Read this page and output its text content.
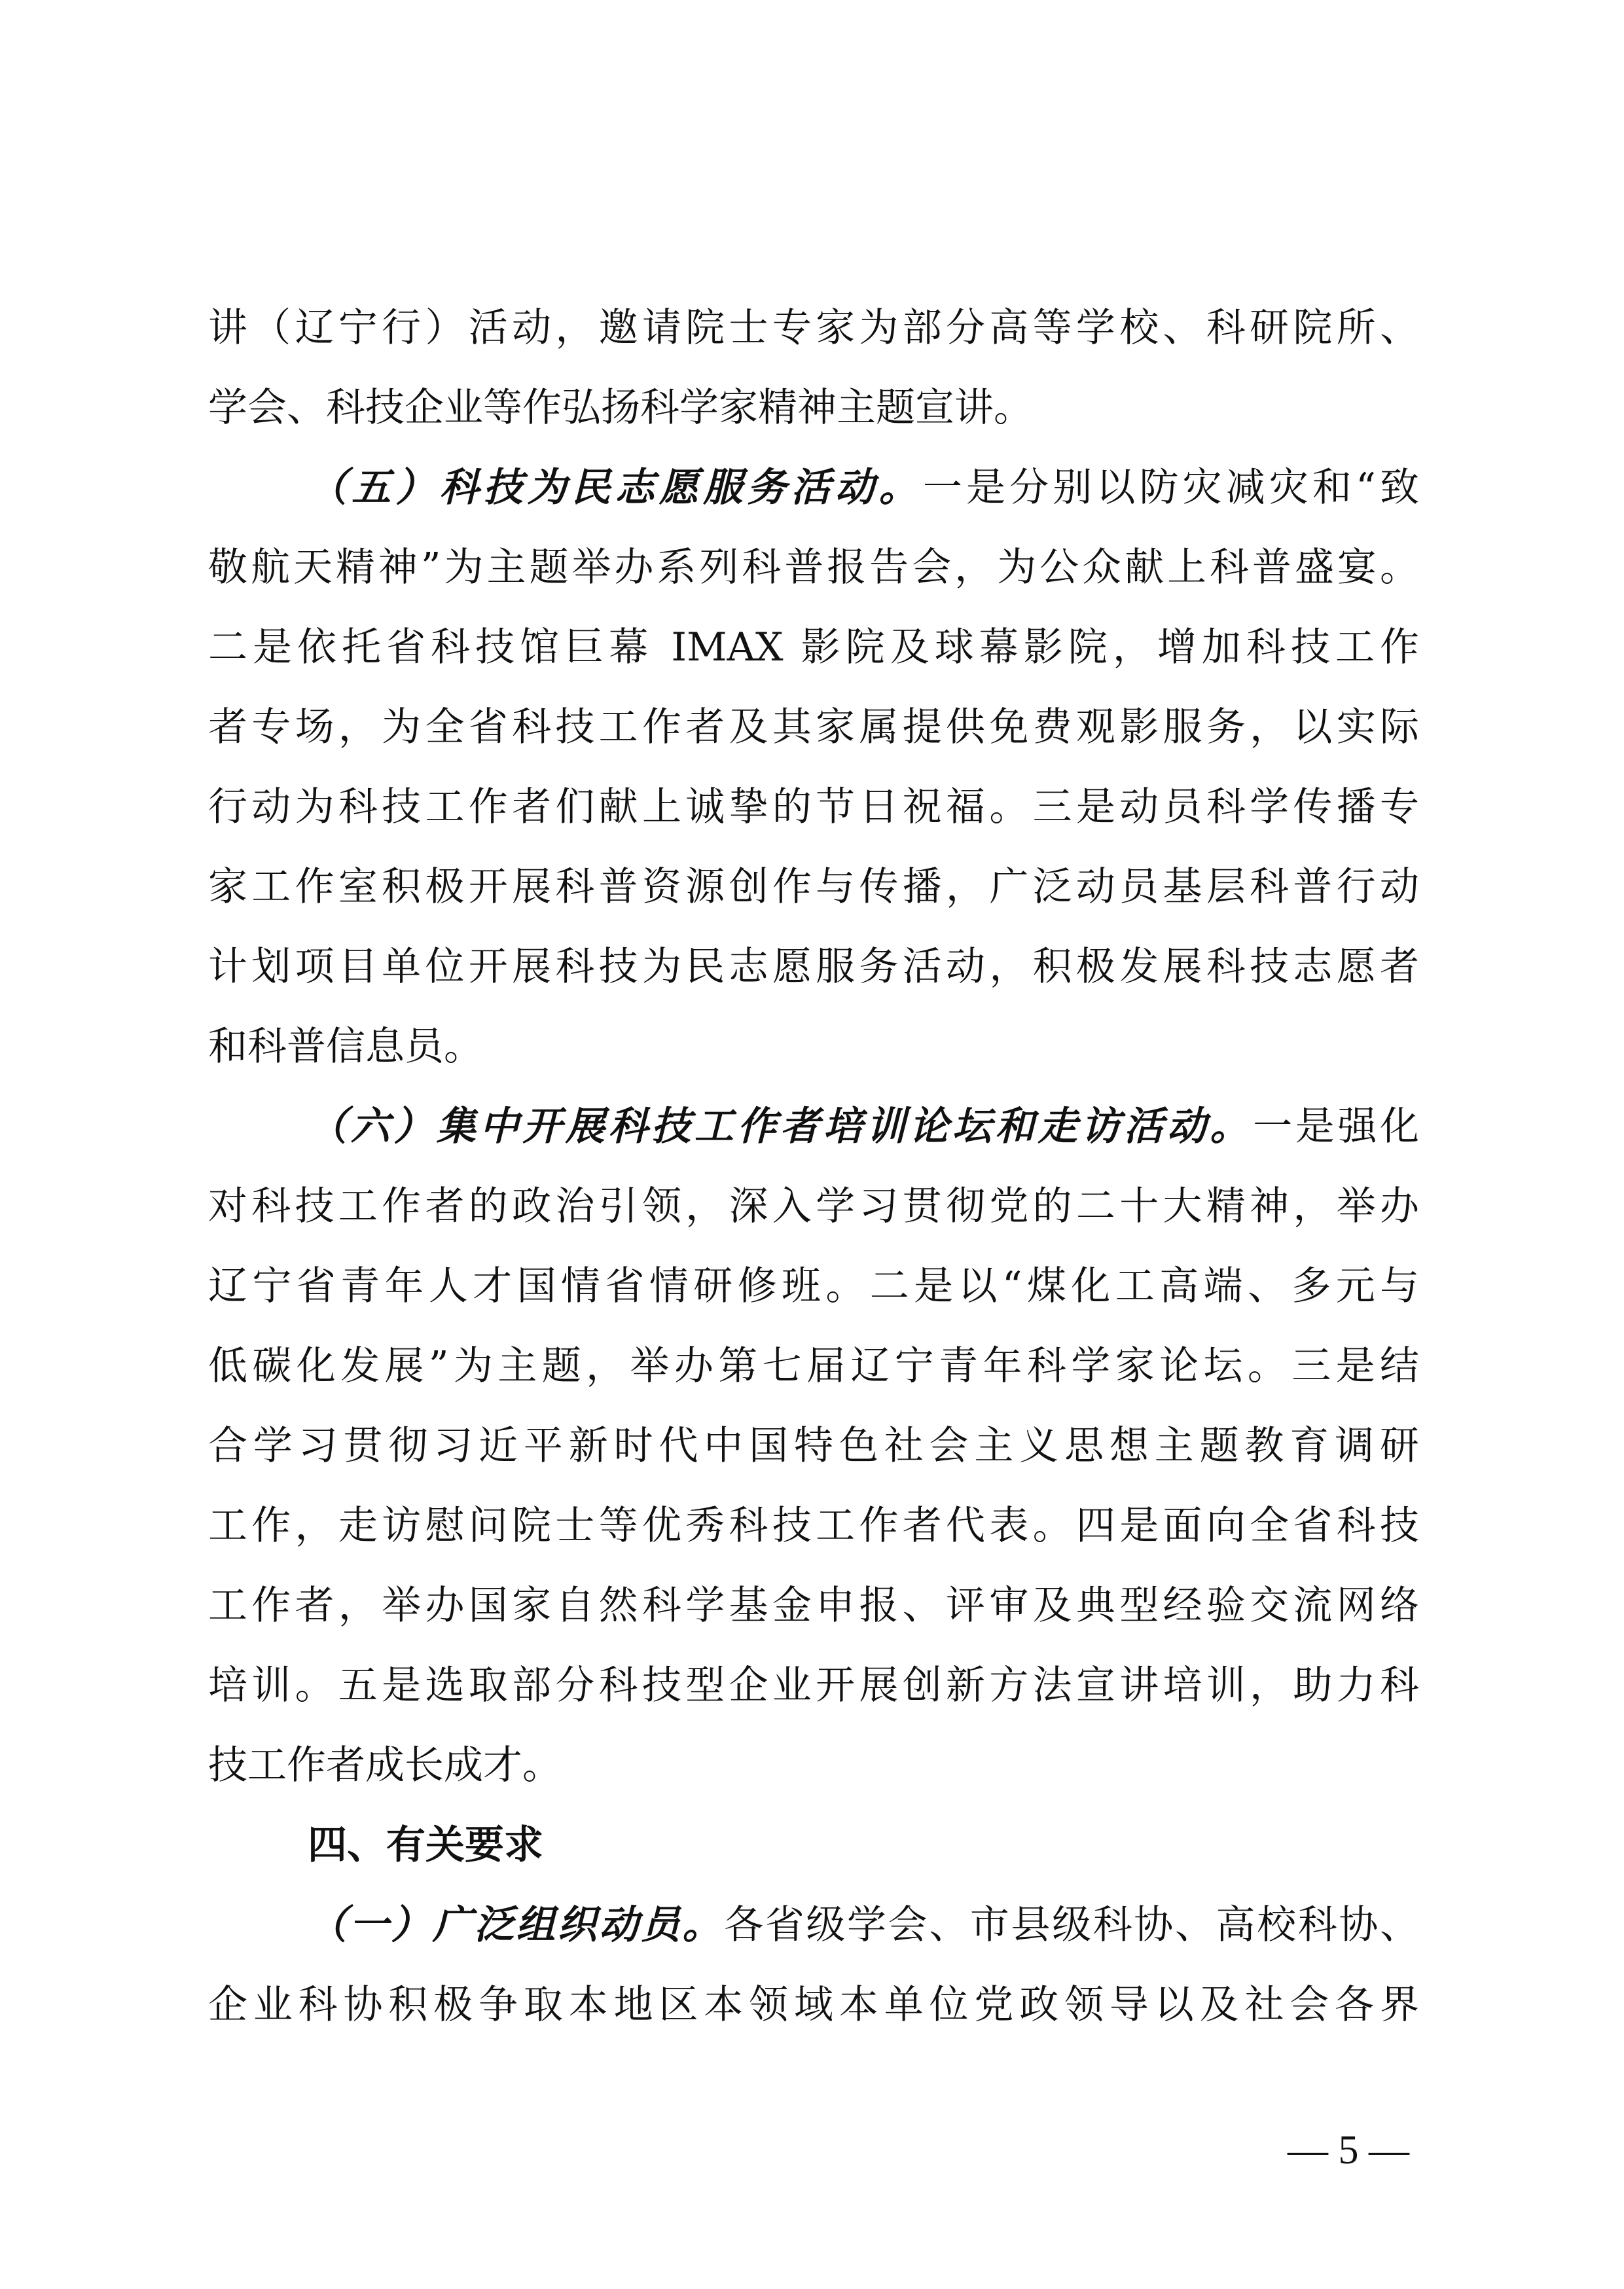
讲（辽宁行）活动，邀请院士专家为部分高等学校、科研院所、
学会、科技企业等作弘扬科学家精神主题宣讲。
（五）科技为民志愿服务活动。一是分别以防灾减灾和“致
敬航天精神”为主题举办系列科普报告会，为公众献上科普盛宴。
二是依托省科技馆巨幕 IMAX 影院及球幕影院，增加科技工作
者专场，为全省科技工作者及其家属提供免费观影服务，以实际
行动为科技工作者们献上诚挚的节日祝福。三是动员科学传播专
家工作室积极开展科普资源创作与传播，广泛动员基层科普行动
计划项目单位开展科技为民志愿服务活动，积极发展科技志愿者
和科普信息员。
（六）集中开展科技工作者培训论坛和走访活动。一是强化
对科技工作者的政治引领，深入学习贯彻党的二十大精神，举办
辽宁省青年人才国情省情研修班。二是以“煤化工高端、多元与
低碳化发展”为主题，举办第七届辽宁青年科学家论坛。三是结
合学习贯彻习近平新时代中国特色社会主义思想主题教育调研
工作，走访慰问院士等优秀科技工作者代表。四是面向全省科技
工作者，举办国家自然科学基金申报、评审及典型经验交流网络
培训。五是选取部分科技型企业开展创新方法宣讲培训，助力科
技工作者成长成才。
四、有关要求
（一）广泛组织动员。各省级学会、市县级科协、高校科协、
企业科协积极争取本地区本领域本单位党政领导以及社会各界
— 5 —
